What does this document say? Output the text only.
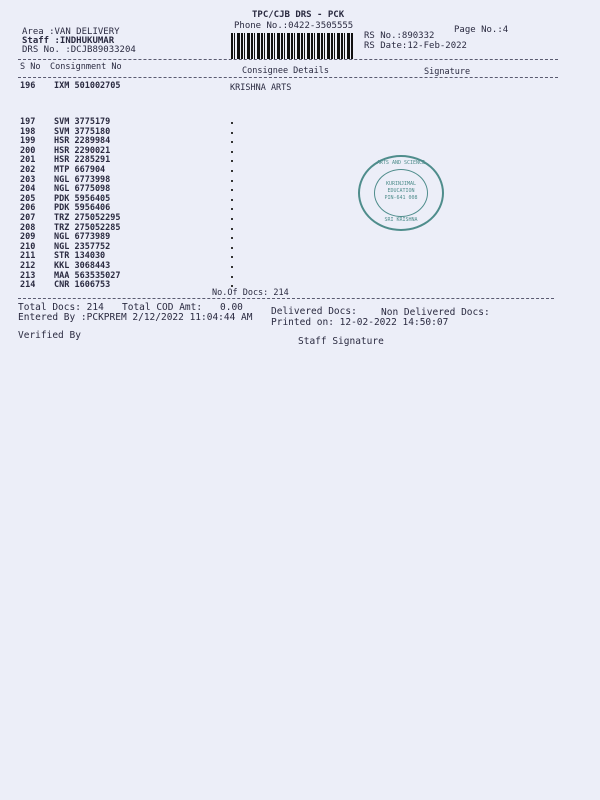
TPC/CJB DRS - PCK
Phone No.:0422-3505555	Page No.:4
Area :VAN DELIVERY
Staff :INDHUKUMAR
DRS No. :DCJB89033204
RS No.:890332
RS Date:12-Feb-2022
S No Consignment No	Consignee Details	Signature
196 IXM 501002705	KRISHNA ARTS
197 SVM 3775179
198 SVM 3775180
199 HSR 2289984
200 HSR 2290021
201 HSR 2285291
202 MTP 667904
203 NGL 6773998
204 NGL 6775098
205 PDK 5956405
206 PDK 5956406
207 TRZ 275052295
208 TRZ 275052285
209 NGL 6773989
210 NGL 2357752
211 STR 134030
212 KKL 3068443
213 MAA 563535027
214 CNR 1606753
ARTS AND SCIENCE
KURINJIMAL
EDUCATION
PIN-641 008
SRI KRISHNA
No.Of Docs: 214
Total Docs: 214 Total COD Amt: 0.00	Delivered Docs:	Non Delivered Docs:
Entered By :PCKPREM 2/12/2022 11:04:44 AM Printed on: 12-02-2022 14:50:07
Verified By
Staff Signature
